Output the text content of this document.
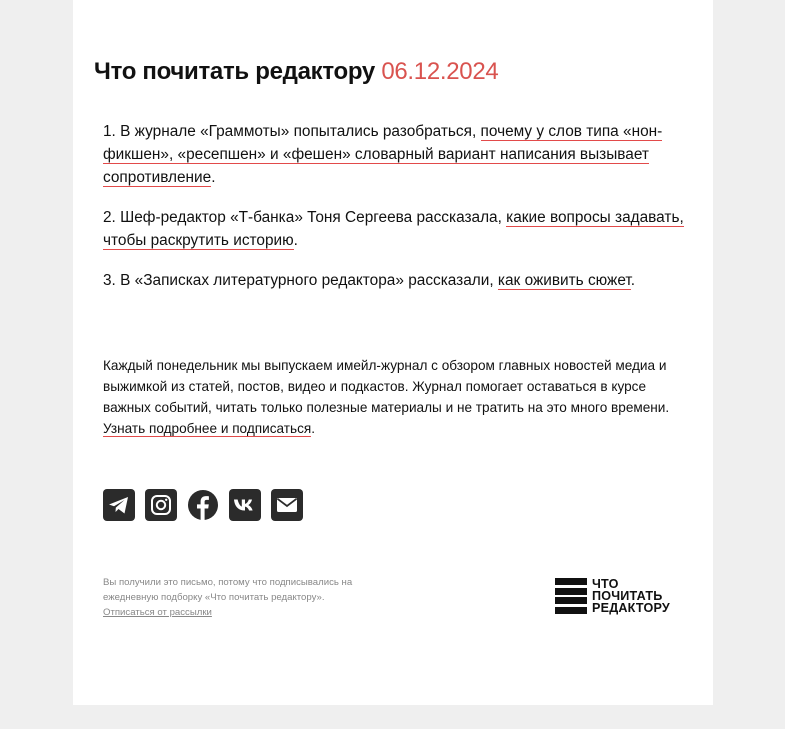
Что почитать редактору 06.12.2024

1. В журнале «Граммоты» попытались разобраться, почему у слов типа «нон-фикшен», «ресепшен» и «фешен» словарный вариант написания вызывает сопротивление.

2. Шеф-редактор «Т-банка» Тоня Сергеева рассказала, какие вопросы задавать, чтобы раскрутить историю.

3. В «Записках литературного редактора» рассказали, как оживить сюжет.

Каждый понедельник мы выпускаем имейл-журнал с обзором главных новостей медиа и выжимкой из статей, постов, видео и подкастов. Журнал помогает оставаться в курсе важных событий, читать только полезные материалы и не тратить на это много времени. Узнать подробнее и подписаться.

Вы получили это письмо, потому что подписывались на ежедневную подборку «Что почитать редактору».
Отписаться от рассылки

ЧТО
ПОЧИТАТЬ
РЕДАКТОРУ
